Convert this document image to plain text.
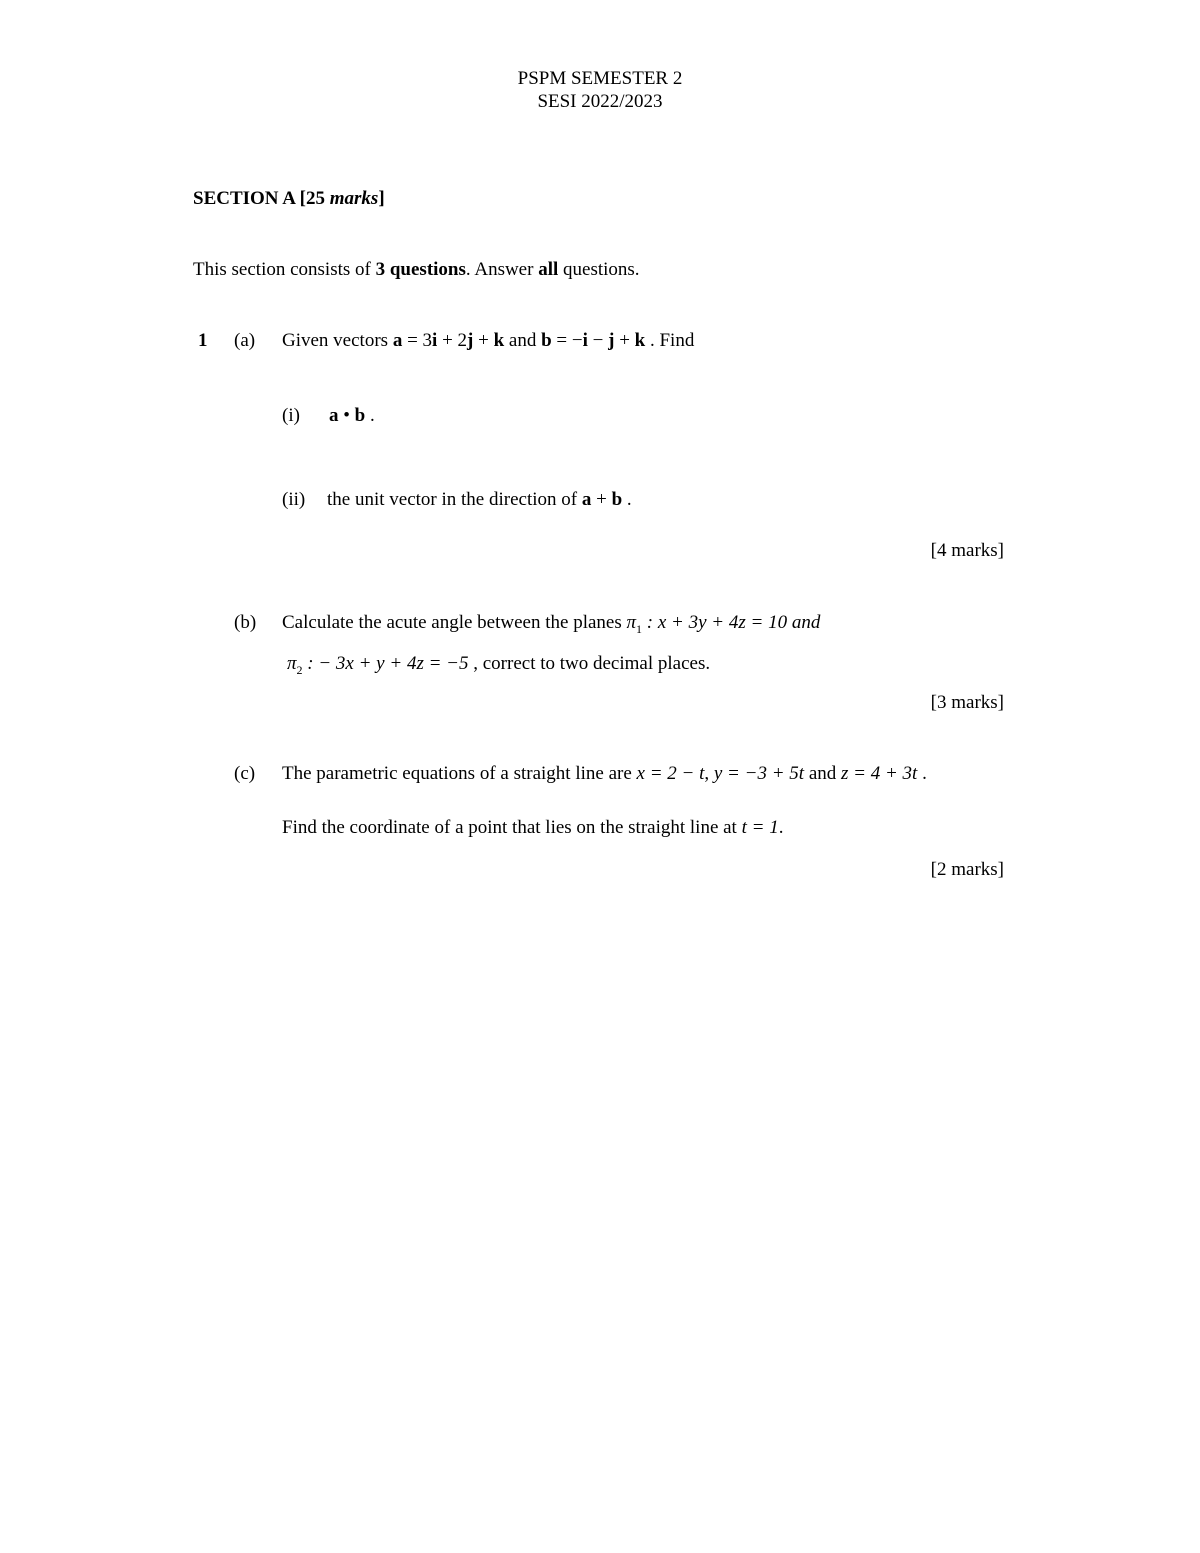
PSPM SEMESTER 2
SESI 2022/2023
SECTION A [25 marks]
This section consists of 3 questions. Answer all questions.
1 (a) Given vectors a = 3i + 2j + k and b = −i − j + k . Find
(i) a • b .
(ii) the unit vector in the direction of a + b .
[4 marks]
(b) Calculate the acute angle between the planes $\pi_1$ : x + 3y + 4z = 10 and
$\pi_2$ : − 3x + y + 4z = −5 , correct to two decimal places.
[3 marks]
(c) The parametric equations of a straight line are x = 2 − t, y = −3 + 5t and z = 4 + 3t .
Find the coordinate of a point that lies on the straight line at t = 1.
[2 marks]
